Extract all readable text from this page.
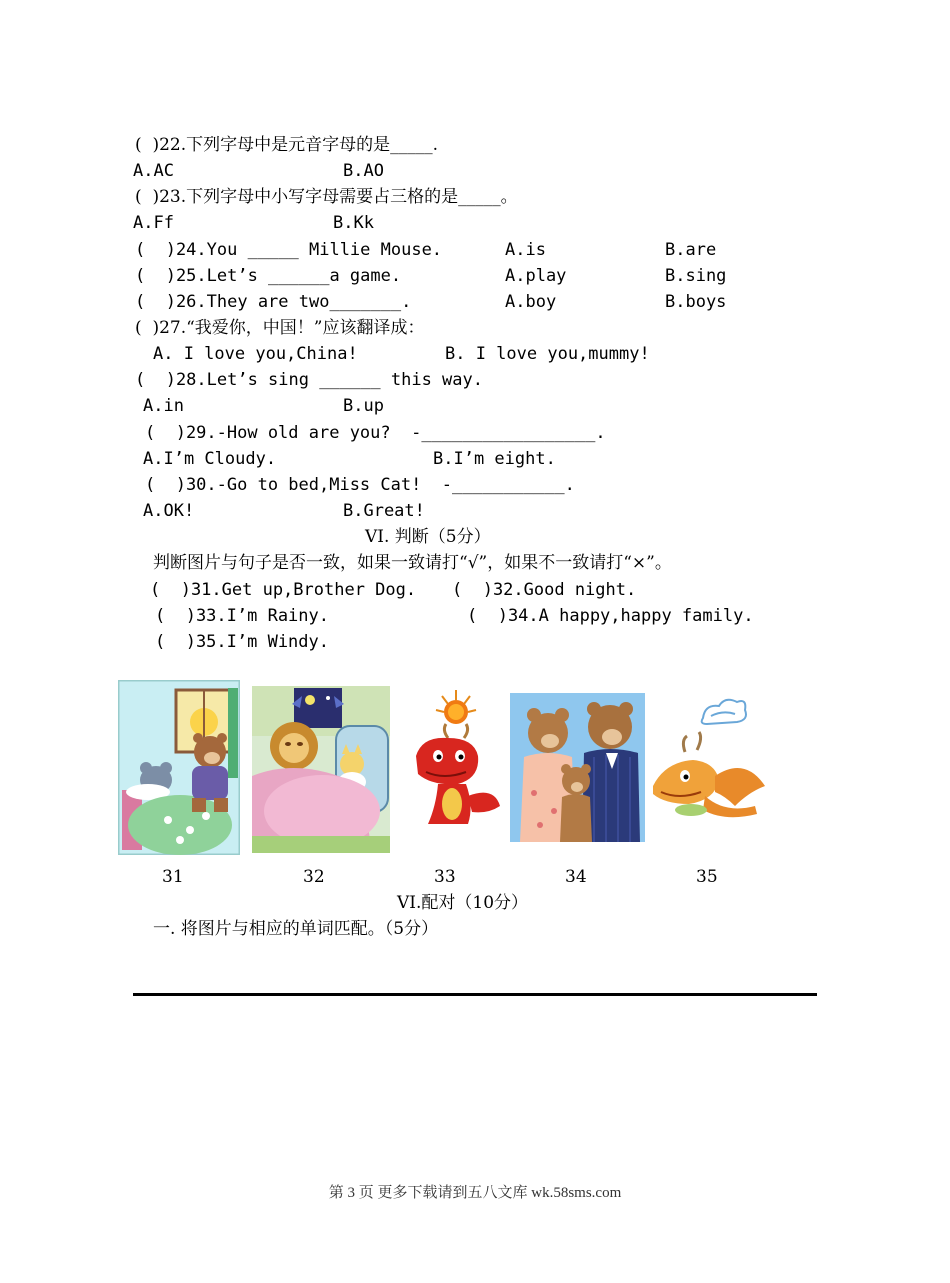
(  )22.下列字母中是元音字母的是_____.
A.AC	B.AO
(  )23.下列字母中小写字母需要占三格的是_____。
A.Ff	B.Kk
(  )24.You _____ Millie Mouse.	A.is	B.are
(  )25.Let’s ______a game.	A.play	B.sing
(  )26.They are two_______.	A.boy	B.boys
(  )27.“我爱你，中国！”应该翻译成：
A. I love you,China!	B. I love you,mummy!
(  )28.Let’s sing ______ this way.
A.in	B.up
(  )29.-How old are you?  -_________________.
A.I’m Cloudy.	B.I’m eight.
(  )30.-Go to bed,Miss Cat!  -___________.
A.OK!	B.Great!
VI. 判断（5分）
判断图片与句子是否一致，如果一致请打“√”，如果不一致请打“×”。
(  )31.Get up,Brother Dog. (  )32.Good night.
(  )33.I’m Rainy.	(  )34.A happy,happy family.
(  )35.I’m Windy.
31	32	33	34	35
VI.配对（10分）
一. 将图片与相应的单词匹配。（5分）
第 3 页 更多下载请到五八文库 wk.58sms.com
